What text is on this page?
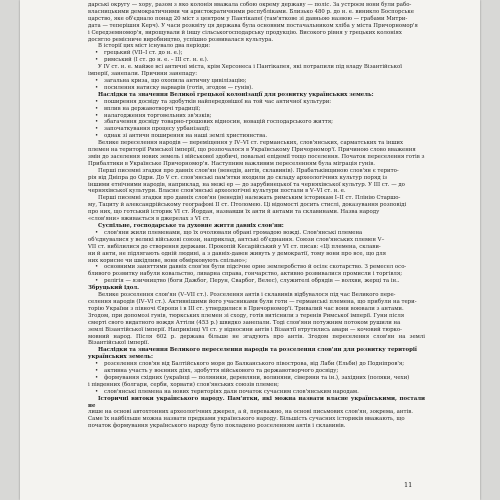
дарські округу — хору, разом з яко колонія вважала собою окрему державу — поліс. За устроєм вони були рабо-

власницькими демократичними чи аристократичними республіками. Близько 480 р. до н. е. виникло Боспорське

царство, яке об'єднало понад 20 міст з центром у Пантікапеї (там'яткове зі давньою назвою — грабами Митри-

дата — теперішня Керч). У часи розквіту ця держава була основним постачальником хліба у міста Причорномор'я

і Середземномор'я, вирощували й іншу сільськогосподарську продукцію. Високого рівня у грецьких колоніях

досягло ремісниче виробництво, успішно розвивалася культура.

В історії цих міст існувало два періоди:

• грецький (VII–I ст. до н. е.);

• римський (I ст. до н. е. – III ст. н. е.).

У IV ст. н. е. майже всі античні міста, крім Херсонеса і Пантікапея, які потрапили під владу Візантійської

імперії, занепали. Причини занепаду:

• загальна криза, що охопила античну цивілізацію;

• посилення натиску варварів (готів, згодом — гунів).

Наслідки та значення Великої грецької колонізації для розвитку українських земель:

• поширення досвіду та здобутків найпередовішої на той час античної культури:

• вплив на державотворчі традиції;

• налагодження торговельних зв'язків;

• збагачення досвіду товарно-грошових відносин, новацій господарського життя;

• започаткування процесу урбанізації;

• однак зі античн поширення на наші землі християнства.

Велике переселення народів — переміщення у IV–VI ст. германських, слов'янських, сарматських та інших

племен на території Римської імперії, що розпочалося в Українському Причорномор'ї. Причиною слово вваження

змін до заселення нових земель і військової здобичі, повальні епідемії тощо поселення. Початок переселення готів з

Прибалтики в Українське Причорномор'я. Наступним важливим переселенням була міграція гунів.

Перші писемні згадки про давніх слов'ян (венедів, антів, склавинів). Прабатьківщиною слов'ян є терито-

рія від Дніпра до Одри. До V ст. слов'янські пам'ятки входили до складу археологічних культур поряд із

іншими етнічними народів, наприклад, на межі ер — до зарубинецької та черняхівської культур. У III ст. — до

черняхівської культури. Власне слов'янські археологічні культури постали в V–VI ст. н. е.

Перші писемні згадки про давніх слов'ян (венедів) належать римським історикам I–II ст. Плінію Старшо-

му, Тациту й александрійському географові II ст. Птоломею. Ці відомості досить стислі, доказування розповіді

про них, що готський історик VI ст. Йордан, назвавши їх анти й антами та склавинами. Назва народу

«слов'яни» вживається в джерелах з VI ст.

Суспільне, господарське та духовне життя давніх слов'ян:

• слов'яни жили племенами, що їх очолювали обрані громадою вожді. Слов'янські племена

об'єднувалися у великі військові союзи, наприклад, антські об'єднання. Союзи слов'янських племен V–

VII ст. вибілилися до створення держави. Прокопій Кесарійський у VI ст. писав: «Ці племена, склави-

ни й анти, не підлягають одній людині, а з давніх-давен живуть у демократії, тому вони про все, що для

них корисне чи шкідливе, вони обмірковують спільно»;

• основними заняттями давніх слов'ян були підсічне орне землеробство й осілє скотарство. З ремесел осо-

бливого розвитку набули ковальство, ливарна справа, гончарство, активно розвивалися промисли і торгівля;

• релігія — язичництво (боги Дажбог, Перун, Сварбог, Велес), служителі обрядів — волхви, жерці та ін..

Збруцький ідол.

Велике розселення слов'ян (V–VII ст.). Розселення антів і склавинів відбувалося під час Великого пере-

селення народів (IV–VI ст.). Активнішими його учасниками були готи — германські племена, що прибули на тери-

торію України з півночі Європи і в III ст. утвердилися в Причорномор'ї. Тривалий час вони воювали з антами.

Згодом, при допомозі гунів, тюркських племен зі сходу, готів витіснили з теренів Римської імперії. Гуни після

смерті свого видатного вождя Аттіли (453 р.) швидко занепали. Тоді слов'яни потужним потоком рушили на

землі Візантійської імперії. Наприкінці VI ст. у відносини антів і Візантії втрутились авари — кочовий тюрко-

мовний народ. Після 602 р. держава більше не згадують про антів. Згодом переселення слов'ян на землі Візантійської імперії.

Наслідки та значення Великого переселення народів та розселення слов'ян для розвитку території

українських земель:

• розселення слов'ян від Балтійського моря до Балканського півострова, від Лаби (Ельби) до Подніпров'я;

• активна участь у воєнних діях, здобуття військового та державотворчого досвіду;

• формування східних (українці — поляники, деревляни, волиняни, сіверяни та ін.), західних (поляки, чехи)

і південних (болгари, серби, хорвати) слов'янських союзів племен;

• слов'янські племена на нових територіях дали початок сучасним слов'янським народам.

Історичні витоки українського народу. Пам'ятки, які можна назвати власне українськими, постали не

лише на основі автохтонних археологічних джерел, а й, переважно, на основі письмових слов'ян, зокрема, антів.

Саме їх найбільше можна назвати предками українського народу. Більшість сучасних істориків вважають, що

початок формування українського народу було покладено розселенням антів і склавинів.

11
